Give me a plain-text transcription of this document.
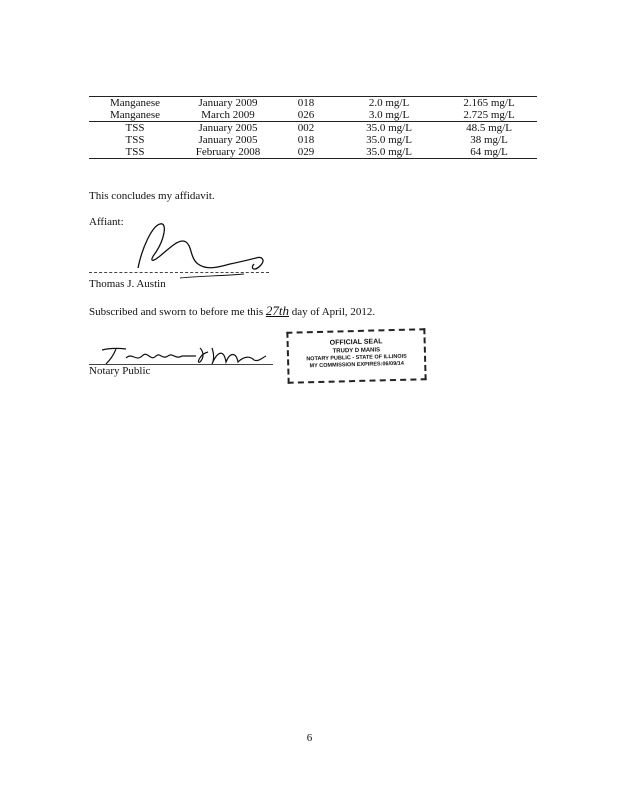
Manganese	January 2009	018	2.0 mg/L	2.165 mg/L
Manganese	March 2009	026	3.0 mg/L	2.725 mg/L
TSS	January 2005	002	35.0 mg/L	48.5 mg/L
TSS	January 2005	018	35.0 mg/L	38 mg/L
TSS	February 2008	029	35.0 mg/L	64 mg/L
This concludes my affidavit.
Affiant:
Thomas J. Austin
Subscribed and sworn to before me this 27th day of April, 2012.
Notary Public
OFFICIAL SEAL
TRUDY D MANIS
NOTARY PUBLIC - STATE OF ILLINOIS
MY COMMISSION EXPIRES:06/09/14
6
